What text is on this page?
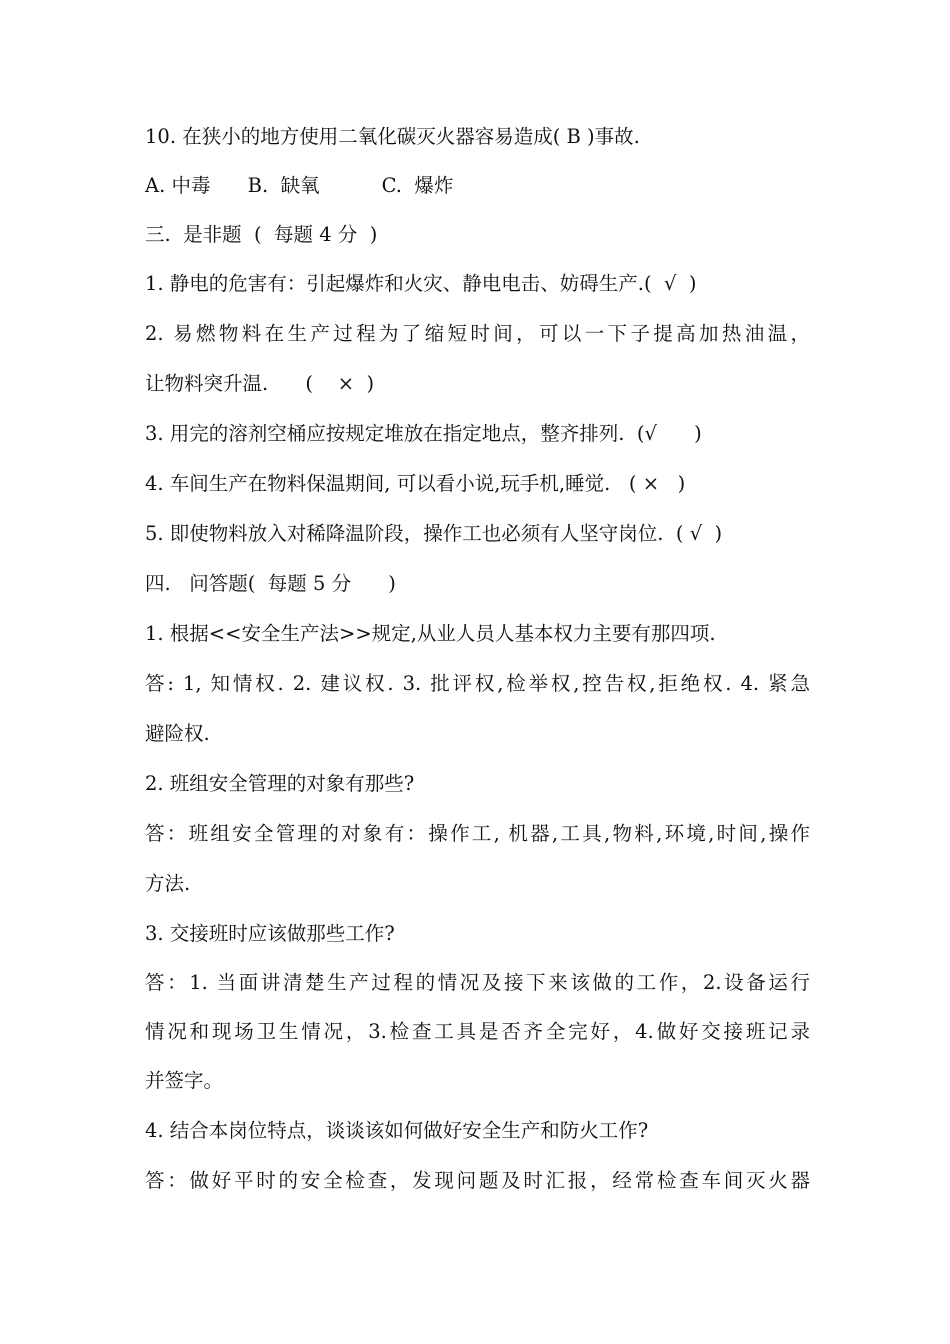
10. 在狭小的地方使用二氧化碳灭火器容易造成( B )事故.
A. 中毒      B.  缺氧          C.  爆炸
三.  是非题  (  每题 4 分  )
1. 静电的危害有：引起爆炸和火灾、静电电击、妨碍生产.(  √  )
2. 易燃物料在生产过程为了缩短时间，可以一下子提高加热油温，
让物料突升温.      (    ×  )
3. 用完的溶剂空桶应按规定堆放在指定地点，整齐排列.  (√      )
4. 车间生产在物料保温期间, 可以看小说,玩手机,睡觉.   ( ×   )
5. 即使物料放入对稀降温阶段，操作工也必须有人坚守岗位.  ( √  )
四.   问答题(  每题 5 分      )
1. 根据<<安全生产法>>规定,从业人员人基本权力主要有那四项.
答: 1, 知情权. 2. 建议权. 3. 批评权,检举权,控告权,拒绝权. 4. 紧急
避险权.
2. 班组安全管理的对象有那些?
答：班组安全管理的对象有：操作工, 机器,工具,物料,环境,时间,操作
方法.
3. 交接班时应该做那些工作?
答：1. 当面讲清楚生产过程的情况及接下来该做的工作，2.设备运行
情况和现场卫生情况，3.检查工具是否齐全完好，4.做好交接班记录
并签字。
4. 结合本岗位特点，谈谈该如何做好安全生产和防火工作?
答：做好平时的安全检查，发现问题及时汇报，经常检查车间灭火器
